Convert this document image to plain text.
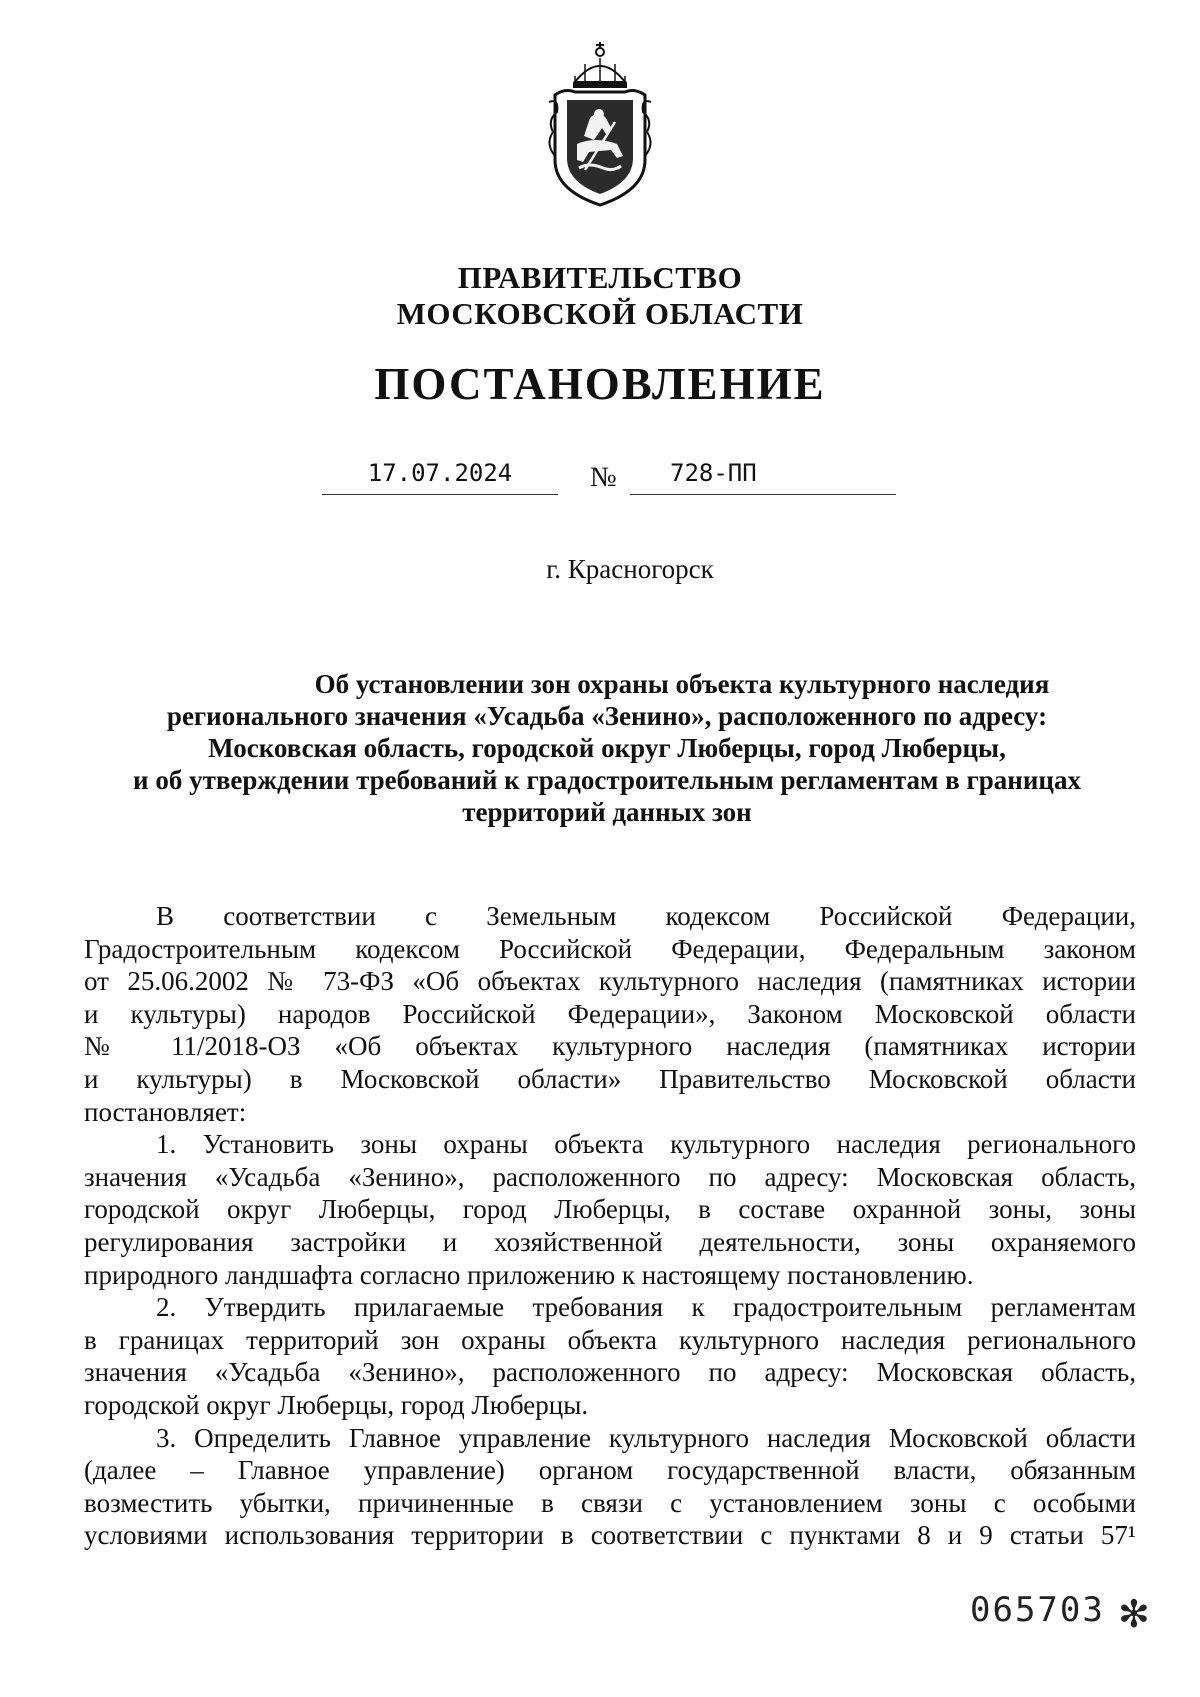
ПРАВИТЕЛЬСТВО
МОСКОВСКОЙ ОБЛАСТИ
ПОСТАНОВЛЕНИЕ
17.07.2024	№	728-ПП
г. Красногорск
Об установлении зон охраны объекта культурного наследия
регионального значения «Усадьба «Зенино», расположенного по адресу:
Московская область, городской округ Люберцы, город Люберцы,
и об утверждении требований к градостроительным регламентам в границах
территорий данных зон
В соответствии с Земельным кодексом Российской Федерации,
Градостроительным кодексом Российской Федерации, Федеральным законом
от 25.06.2002 № 73-ФЗ «Об объектах культурного наследия (памятниках истории
и культуры) народов Российской Федерации», Законом Московской области
№ 11/2018-ОЗ «Об объектах культурного наследия (памятниках истории
и культуры) в Московской области» Правительство Московской области
постановляет:
1. Установить зоны охраны объекта культурного наследия регионального
значения «Усадьба «Зенино», расположенного по адресу: Московская область,
городской округ Люберцы, город Люберцы, в составе охранной зоны, зоны
регулирования застройки и хозяйственной деятельности, зоны охраняемого
природного ландшафта согласно приложению к настоящему постановлению.
2. Утвердить прилагаемые требования к градостроительным регламентам
в границах территорий зон охраны объекта культурного наследия регионального
значения «Усадьба «Зенино», расположенного по адресу: Московская область,
городской округ Люберцы, город Люберцы.
3. Определить Главное управление культурного наследия Московской области
(далее – Главное управление) органом государственной власти, обязанным
возместить убытки, причиненные в связи с установлением зоны с особыми
условиями использования территории в соответствии с пунктами 8 и 9 статьи 57¹
065703 ✻
